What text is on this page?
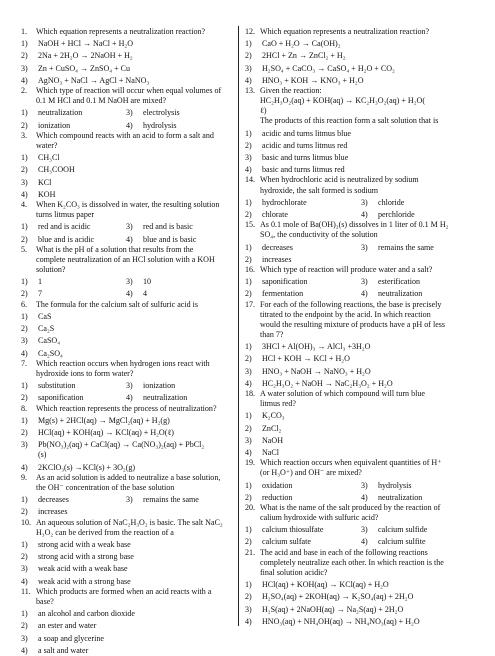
1.	Which equation represents a neutralization reaction?
1)	NaOH + HCl → NaCl + H₂O
2)	2Na + 2H₂O → 2NaOH + H₂
3)	Zn + CuSO₄ → ZnSO₄ + Cu
4)	AgNO₃ + NaCl → AgCl + NaNO₃
2.	Which type of reaction will occur when equal volumes of
0.1 M HCl and 0.1 M NaOH are mixed?
1)	neutralization	3)	electrolysis
2)	ionization	4)	hydrolysis
3.	Which compound reacts with an acid to form a salt and
water?
1)	CH₃Cl
2)	CH₃COOH
3)	KCl
4)	KOH
4.	When K₂CO₃ is dissolved in water, the resulting solution
turns litmus paper
1)	red and is acidic	3)	red and is basic
2)	blue and is acidic	4)	blue and is basic
5.	What is the pH of a solution that results from the
complete neutralization of an HCl solution with a KOH
solution?
1)	1	3)	10
2)	7	4)	4
6.	The formula for the calcium salt of sulfuric acid is
1)	CaS
2)	Ca₂S
3)	CaSO₄
4)	Ca₂SO₄
7.	Which reaction occurs when hydrogen ions react with
hydroxide ions to form water?
1)	substitution	3)	ionization
2)	saponification	4)	neutralization
8.	Which reaction represents the process of neutralization?
1)	Mg(s) + 2HCl(aq) → MgCl₂(aq) + H₂(g)
2)	HCl(aq) + KOH(aq) → KCl(aq) + H₂O(ℓ)
3)	Pb(NO₃)₂(aq) + CaCl(aq) → Ca(NO₃)₂(aq) + PbCl₂
(s)
4)	2KClO₃(s) →KCl(s) + 3O₂(g)
9.	As an acid solution is added to neutralize a base solution,
the OH⁻ concentration of the base solution
1)	decreases	3)	remains the same
2)	increases
10. An aqueous solution of NaC₂H₃O₂ is basic. The salt NaC₂
H₃O₂ can be derived from the reaction of a
1)	strong acid with a weak base
2)	strong acid with a strong base
3)	weak acid with a weak base
4)	weak acid with a strong base
11. Which products are formed when an acid reacts with a
base?
1)	an alcohol and carbon dioxide
2)	an ester and water
3)	a soap and glycerine
4)	a salt and water
12. Which equation represents a neutralization reaction?
1)	CaO + H₂O → Ca(OH)₂
2)	2HCl + Zn → ZnCl₂ + H₂
3)	H₂SO₄ + CaCO₃ → CaSO₄ + H₂O + CO₂
4)	HNO₃ + KOH → KNO₃ + H₂O
13. Given the reaction:
HC₂H₃O₂(aq) + KOH(aq) → KC₂H₃O₂(aq) + H₂O(
ℓ)
The products of this reaction form a salt solution that is
1)	acidic and turns litmus blue
2)	acidic and turns litmus red
3)	basic and turns litmus blue
4)	basic and turns litmus red
14. When hydrochloric acid is neutralized by sodium
hydroxide, the salt formed is sodium
1)	hydrochlorate	3)	chloride
2)	chlorate	4)	perchloride
15. As 0.1 mole of Ba(OH)₂(s) dissolves in 1 liter of 0.1 M H₂
SO₄, the conductivity of the solution
1)	decreases	3)	remains the same
2)	increases
16. Which type of reaction will produce water and a salt?
1)	saponification	3)	esterification
2)	fermentation	4)	neutralization
17. For each of the following reactions, the base is precisely
titrated to the endpoint by the acid. In which reaction
would the resulting mixture of products have a pH of less
than 7?
1)	3HCl + Al(OH)₃ → AlCl₃ +3H₂O
2)	HCl + KOH → KCl + H₂O
3)	HNO₃ + NaOH → NaNO₃ + H₂O
4)	HC₂H₃O₂ + NaOH → NaC₂H₃O₂ + H₂O
18. A water solution of which compound will turn blue
litmus red?
1)	K₂CO₃
2)	ZnCl₂
3)	NaOH
4)	NaCl
19. Which reaction occurs when equivalent quantities of H⁺
(or H₃O⁺) and OH⁻ are mixed?
1)	oxidation	3)	hydrolysis
2)	reduction	4)	neutralization
20. What is the name of the salt produced by the reaction of
calium hydroxide with sulfuric acid?
1)	calcium thiosulfate	3)	calcium sulfide
2)	calcium sulfate	4)	calcium sulfite
21. The acid and base in each of the following reactions
completely neutralize each other. In which reaction is the
final solution acidic?
1)	HCl(aq) + KOH(aq) → KCl(aq) + H₂O
2)	H₂SO₄(aq) + 2KOH(aq) → K₂SO₄(aq) + 2H₂O
3)	H₂S(aq) + 2NaOH(aq) → Na₂S(aq) + 2H₂O
4)	HNO₃(aq) + NH₄OH(aq) → NH₄NO₃(aq) + H₂O
